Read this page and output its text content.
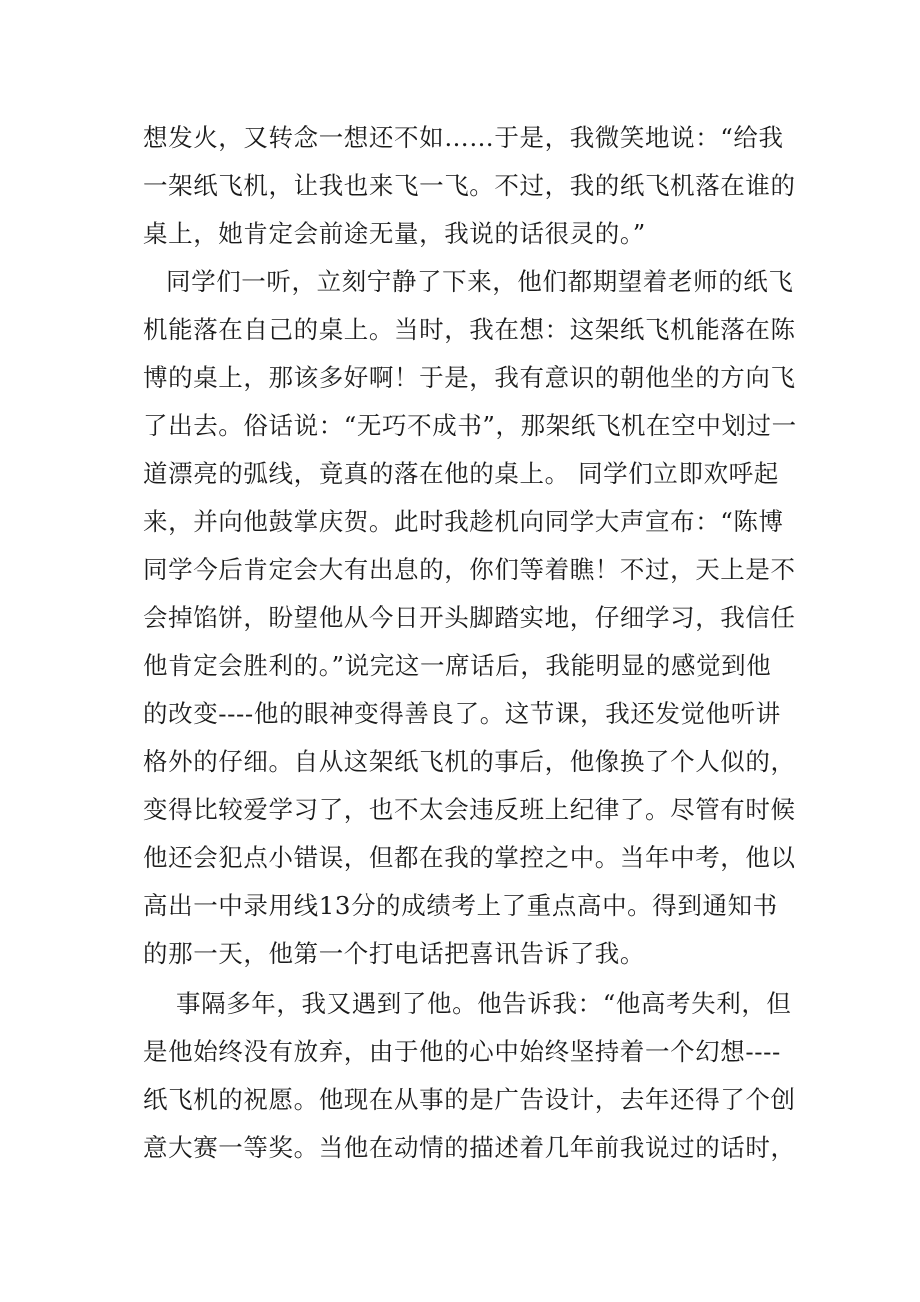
想发火，又转念一想还不如……于是，我微笑地说：“给我
一架纸飞机，让我也来飞一飞。不过，我的纸飞机落在谁的
桌上，她肯定会前途无量，我说的话很灵的。”
同学们一听，立刻宁静了下来，他们都期望着老师的纸飞
机能落在自己的桌上。当时，我在想：这架纸飞机能落在陈
博的桌上，那该多好啊！于是，我有意识的朝他坐的方向飞
了出去。俗话说：“无巧不成书”，那架纸飞机在空中划过一
道漂亮的弧线，竟真的落在他的桌上。 同学们立即欢呼起
来，并向他鼓掌庆贺。此时我趁机向同学大声宣布：“陈博
同学今后肯定会大有出息的，你们等着瞧！不过，天上是不
会掉馅饼，盼望他从今日开头脚踏实地，仔细学习，我信任
他肯定会胜利的。”说完这一席话后，我能明显的感觉到他
的改变----他的眼神变得善良了。这节课，我还发觉他听讲
格外的仔细。自从这架纸飞机的事后，他像换了个人似的，
变得比较爱学习了，也不太会违反班上纪律了。尽管有时候
他还会犯点小错误，但都在我的掌控之中。当年中考，他以
高出一中录用线13分的成绩考上了重点高中。得到通知书
的那一天，他第一个打电话把喜讯告诉了我。
事隔多年，我又遇到了他。他告诉我：“他高考失利，但
是他始终没有放弃，由于他的心中始终坚持着一个幻想----
纸飞机的祝愿。他现在从事的是广告设计，去年还得了个创
意大赛一等奖。当他在动情的描述着几年前我说过的话时，
